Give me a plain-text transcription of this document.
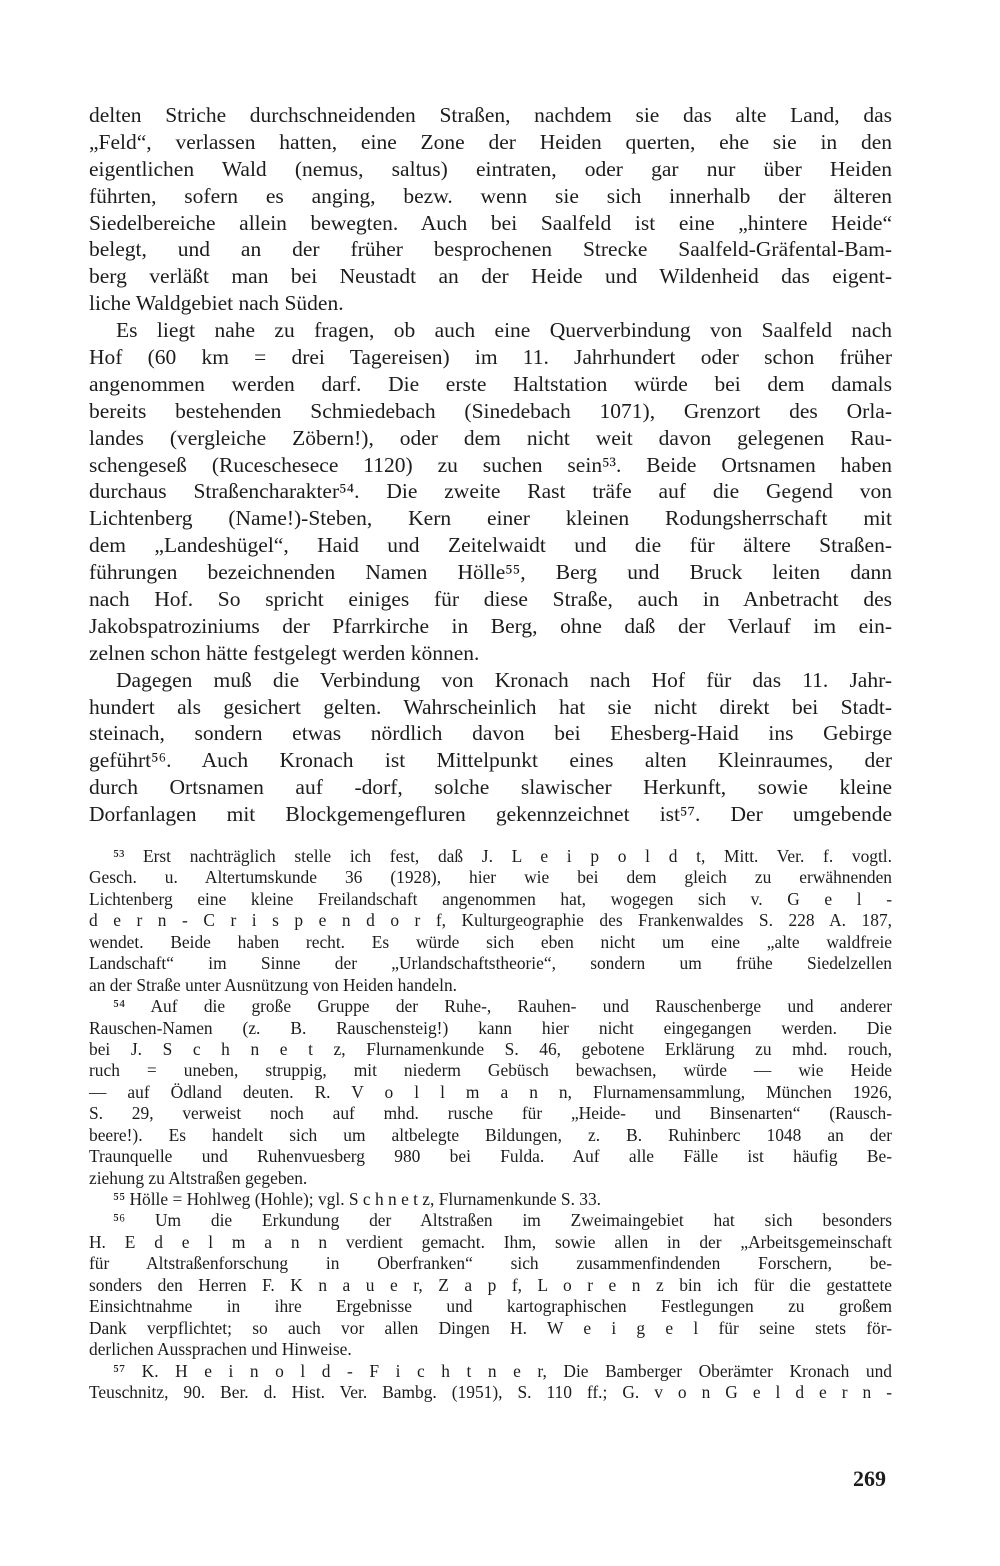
delten Striche durchschneidenden Straßen, nachdem sie das alte Land, das
„Feld“, verlassen hatten, eine Zone der Heiden querten, ehe sie in den
eigentlichen Wald (nemus, saltus) eintraten, oder gar nur über Heiden
führten, sofern es anging, bezw. wenn sie sich innerhalb der älteren
Siedelbereiche allein bewegten. Auch bei Saalfeld ist eine „hintere Heide“
belegt, und an der früher besprochenen Strecke Saalfeld-Gräfental-Bam-
berg verläßt man bei Neustadt an der Heide und Wildenheid das eigent-
liche Waldgebiet nach Süden.
Es liegt nahe zu fragen, ob auch eine Querverbindung von Saalfeld nach
Hof (60 km = drei Tagereisen) im 11. Jahrhundert oder schon früher
angenommen werden darf. Die erste Haltstation würde bei dem damals
bereits bestehenden Schmiedebach (Sinedebach 1071), Grenzort des Orla-
landes (vergleiche Zöbern!), oder dem nicht weit davon gelegenen Rau-
schengeseß (Ruceschesece 1120) zu suchen sein⁵³. Beide Ortsnamen haben
durchaus Straßencharakter⁵⁴. Die zweite Rast träfe auf die Gegend von
Lichtenberg (Name!)-Steben, Kern einer kleinen Rodungsherrschaft mit
dem „Landeshügel“, Haid und Zeitelwaidt und die für ältere Straßen-
führungen bezeichnenden Namen Hölle⁵⁵, Berg und Bruck leiten dann
nach Hof. So spricht einiges für diese Straße, auch in Anbetracht des
Jakobspatroziniums der Pfarrkirche in Berg, ohne daß der Verlauf im ein-
zelnen schon hätte festgelegt werden können.
Dagegen muß die Verbindung von Kronach nach Hof für das 11. Jahr-
hundert als gesichert gelten. Wahrscheinlich hat sie nicht direkt bei Stadt-
steinach, sondern etwas nördlich davon bei Ehesberg-Haid ins Gebirge
geführt⁵⁶. Auch Kronach ist Mittelpunkt eines alten Kleinraumes, der
durch Ortsnamen auf -dorf, solche slawischer Herkunft, sowie kleine
Dorfanlagen mit Blockgemengefluren gekennzeichnet ist⁵⁷. Der umgebende
⁵³ Erst nachträglich stelle ich fest, daß J. L e i p o l d t, Mitt. Ver. f. vogtl.
Gesch. u. Altertumskunde 36 (1928), hier wie bei dem gleich zu erwähnenden
Lichtenberg eine kleine Freilandschaft angenommen hat, wogegen sich v. G e l -
d e r n - C r i s p e n d o r f, Kulturgeographie des Frankenwaldes S. 228 A. 187,
wendet. Beide haben recht. Es würde sich eben nicht um eine „alte waldfreie
Landschaft“ im Sinne der „Urlandschaftstheorie“, sondern um frühe Siedelzellen
an der Straße unter Ausnützung von Heiden handeln.
⁵⁴ Auf die große Gruppe der Ruhe-, Rauhen- und Rauschenberge und anderer
Rauschen-Namen (z. B. Rauschensteig!) kann hier nicht eingegangen werden. Die
bei J. S c h n e t z, Flurnamenkunde S. 46, gebotene Erklärung zu mhd. rouch,
ruch = uneben, struppig, mit niederm Gebüsch bewachsen, würde — wie Heide
— auf Ödland deuten. R. V o l l m a n n, Flurnamensammlung, München 1926,
S. 29, verweist noch auf mhd. rusche für „Heide- und Binsenarten“ (Rausch-
beere!). Es handelt sich um altbelegte Bildungen, z. B. Ruhinberc 1048 an der
Traunquelle und Ruhenvuesberg 980 bei Fulda. Auf alle Fälle ist häufig Be-
ziehung zu Altstraßen gegeben.
⁵⁵ Hölle = Hohlweg (Hohle); vgl. S c h n e t z, Flurnamenkunde S. 33.
⁵⁶ Um die Erkundung der Altstraßen im Zweimaingebiet hat sich besonders
H. E d e l m a n n verdient gemacht. Ihm, sowie allen in der „Arbeitsgemeinschaft
für Altstraßenforschung in Oberfranken“ sich zusammenfindenden Forschern, be-
sonders den Herren F. K n a u e r, Z a p f, L o r e n z bin ich für die gestattete
Einsichtnahme in ihre Ergebnisse und kartographischen Festlegungen zu großem
Dank verpflichtet; so auch vor allen Dingen H. W e i g e l für seine stets för-
derlichen Aussprachen und Hinweise.
⁵⁷ K. H e i n o l d - F i c h t n e r, Die Bamberger Oberämter Kronach und
Teuschnitz, 90. Ber. d. Hist. Ver. Bambg. (1951), S. 110 ff.; G. v o n G e l d e r n -
269
